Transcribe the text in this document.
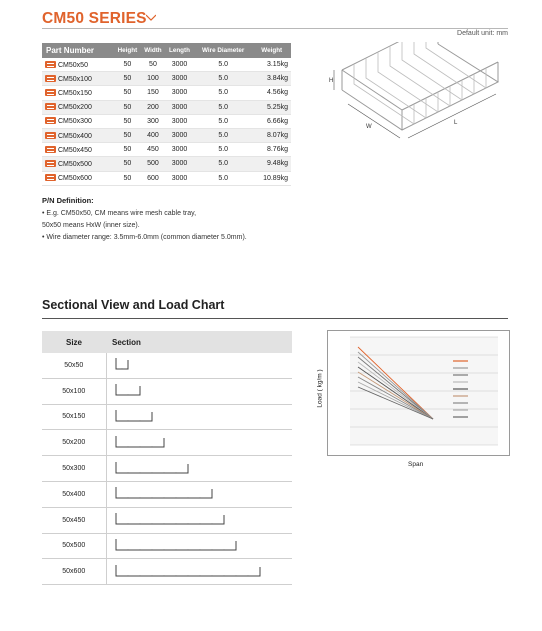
CM50 SERIES
Default unit: mm
Part Number	Height	Width	Length	Wire Diameter	Weight
CM50x50	50	50	3000	5.0	3.15kg
CM50x100	50	100	3000	5.0	3.84kg
CM50x150	50	150	3000	5.0	4.56kg
CM50x200	50	200	3000	5.0	5.25kg
CM50x300	50	300	3000	5.0	6.66kg
CM50x400	50	400	3000	5.0	8.07kg
CM50x450	50	450	3000	5.0	8.76kg
CM50x500	50	500	3000	5.0	9.48kg
CM50x600	50	600	3000	5.0	10.89kg
H
W
L
P/N Definition:
• E.g. CM50x50, CM means wire mesh cable tray,
50x50 means HxW (inner size).
• Wire diameter range: 3.5mm-6.0mm (common diameter 5.0mm).
Sectional View and Load Chart
Size	Section
50x50	
50x100	
50x150	
50x200	
50x300	
50x400	
50x450	
50x500	
50x600	
Load ( kg/m )
Span
